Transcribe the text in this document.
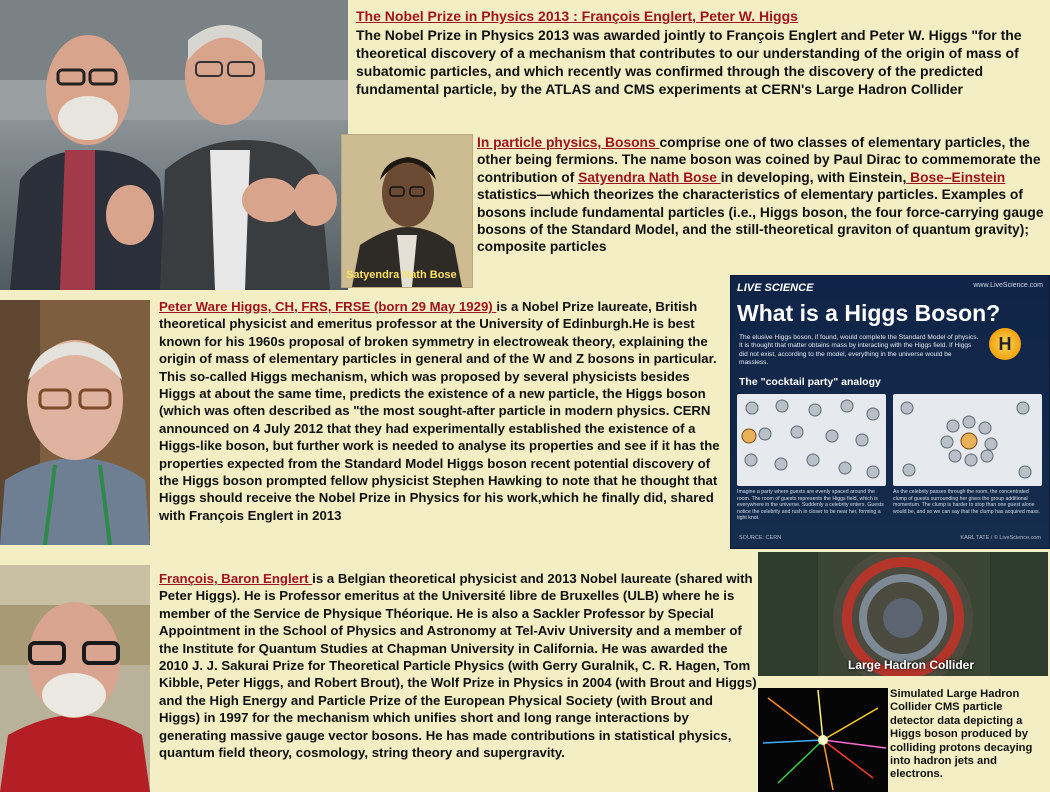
The Nobel Prize in Physics 2013 : François Englert, Peter W. Higgs
The Nobel Prize in Physics 2013 was awarded jointly to François Englert and Peter W. Higgs "for the theoretical discovery of a mechanism that contributes to our understanding of the origin of mass of subatomic particles, and which recently was confirmed through the discovery of the predicted fundamental particle, by the ATLAS and CMS experiments at CERN's Large Hadron Collider
Satyendra Nath Bose
In particle physics, Bosons comprise one of two classes of elementary particles, the other being fermions. The name boson was coined by Paul Dirac to commemorate the contribution of Satyendra Nath Bose in developing, with Einstein, Bose–Einstein statistics—which theorizes the characteristics of elementary particles. Examples of bosons include fundamental particles (i.e., Higgs boson, the four force-carrying gauge bosons of the Standard Model, and the still-theoretical graviton of quantum gravity); composite particles
Peter Ware Higgs, CH, FRS, FRSE (born 29 May 1929) is a Nobel Prize laureate, British theoretical physicist and emeritus professor at the University of Edinburgh.He is best known for his 1960s proposal of broken symmetry in electroweak theory, explaining the origin of mass of elementary particles in general and of the W and Z bosons in particular. This so-called Higgs mechanism, which was proposed by several physicists besides Higgs at about the same time, predicts the existence of a new particle, the Higgs boson (which was often described as "the most sought-after particle in modern physics. CERN announced on 4 July 2012 that they had experimentally established the existence of a Higgs-like boson, but further work is needed to analyse its properties and see if it has the properties expected from the Standard Model Higgs boson recent potential discovery of the Higgs boson prompted fellow physicist Stephen Hawking to note that he thought that Higgs should receive the Nobel Prize in Physics for his work,which he finally did, shared with François Englert in 2013
LIVE SCIENCE	www.LiveScience.com
What is a Higgs Boson?
H
The elusive Higgs boson, if found, would complete the Standard Model of physics. It is thought that matter obtains mass by interacting with the Higgs field. If Higgs did not exist, according to the model, everything in the universe would be massless.
The "cocktail party" analogy
Imagine a party where guests are evenly spaced around the room. The room of guests represents the Higgs field, which is everywhere in the universe. Suddenly a celebrity enters. Guests notice the celebrity and rush in closer to be near her, forming a tight knot.
As the celebrity passes through the room, the concentrated clump of guests surrounding her gives the group additional momentum. The clump is harder to stop than one guest alone would be, and so we can say that the clump has acquired mass.
SOURCE: CERN	KARL TATE / © LiveScience.com
François, Baron Englert is a Belgian theoretical physicist and 2013 Nobel laureate (shared with Peter Higgs). He is Professor emeritus at the Université libre de Bruxelles (ULB) where he is member of the Service de Physique Théorique. He is also a Sackler Professor by Special Appointment in the School of Physics and Astronomy at Tel-Aviv University and a member of the Institute for Quantum Studies at Chapman University in California. He was awarded the 2010 J. J. Sakurai Prize for Theoretical Particle Physics (with Gerry Guralnik, C. R. Hagen, Tom Kibble, Peter Higgs, and Robert Brout), the Wolf Prize in Physics in 2004 (with Brout and Higgs) and the High Energy and Particle Prize of the European Physical Society (with Brout and Higgs) in 1997 for the mechanism which unifies short and long range interactions by generating massive gauge vector bosons. He has made contributions in statistical physics, quantum field theory, cosmology, string theory and supergravity.
Large Hadron Collider
Simulated Large Hadron Collider CMS particle detector data depicting a Higgs boson produced by colliding protons decaying into hadron jets and electrons.
